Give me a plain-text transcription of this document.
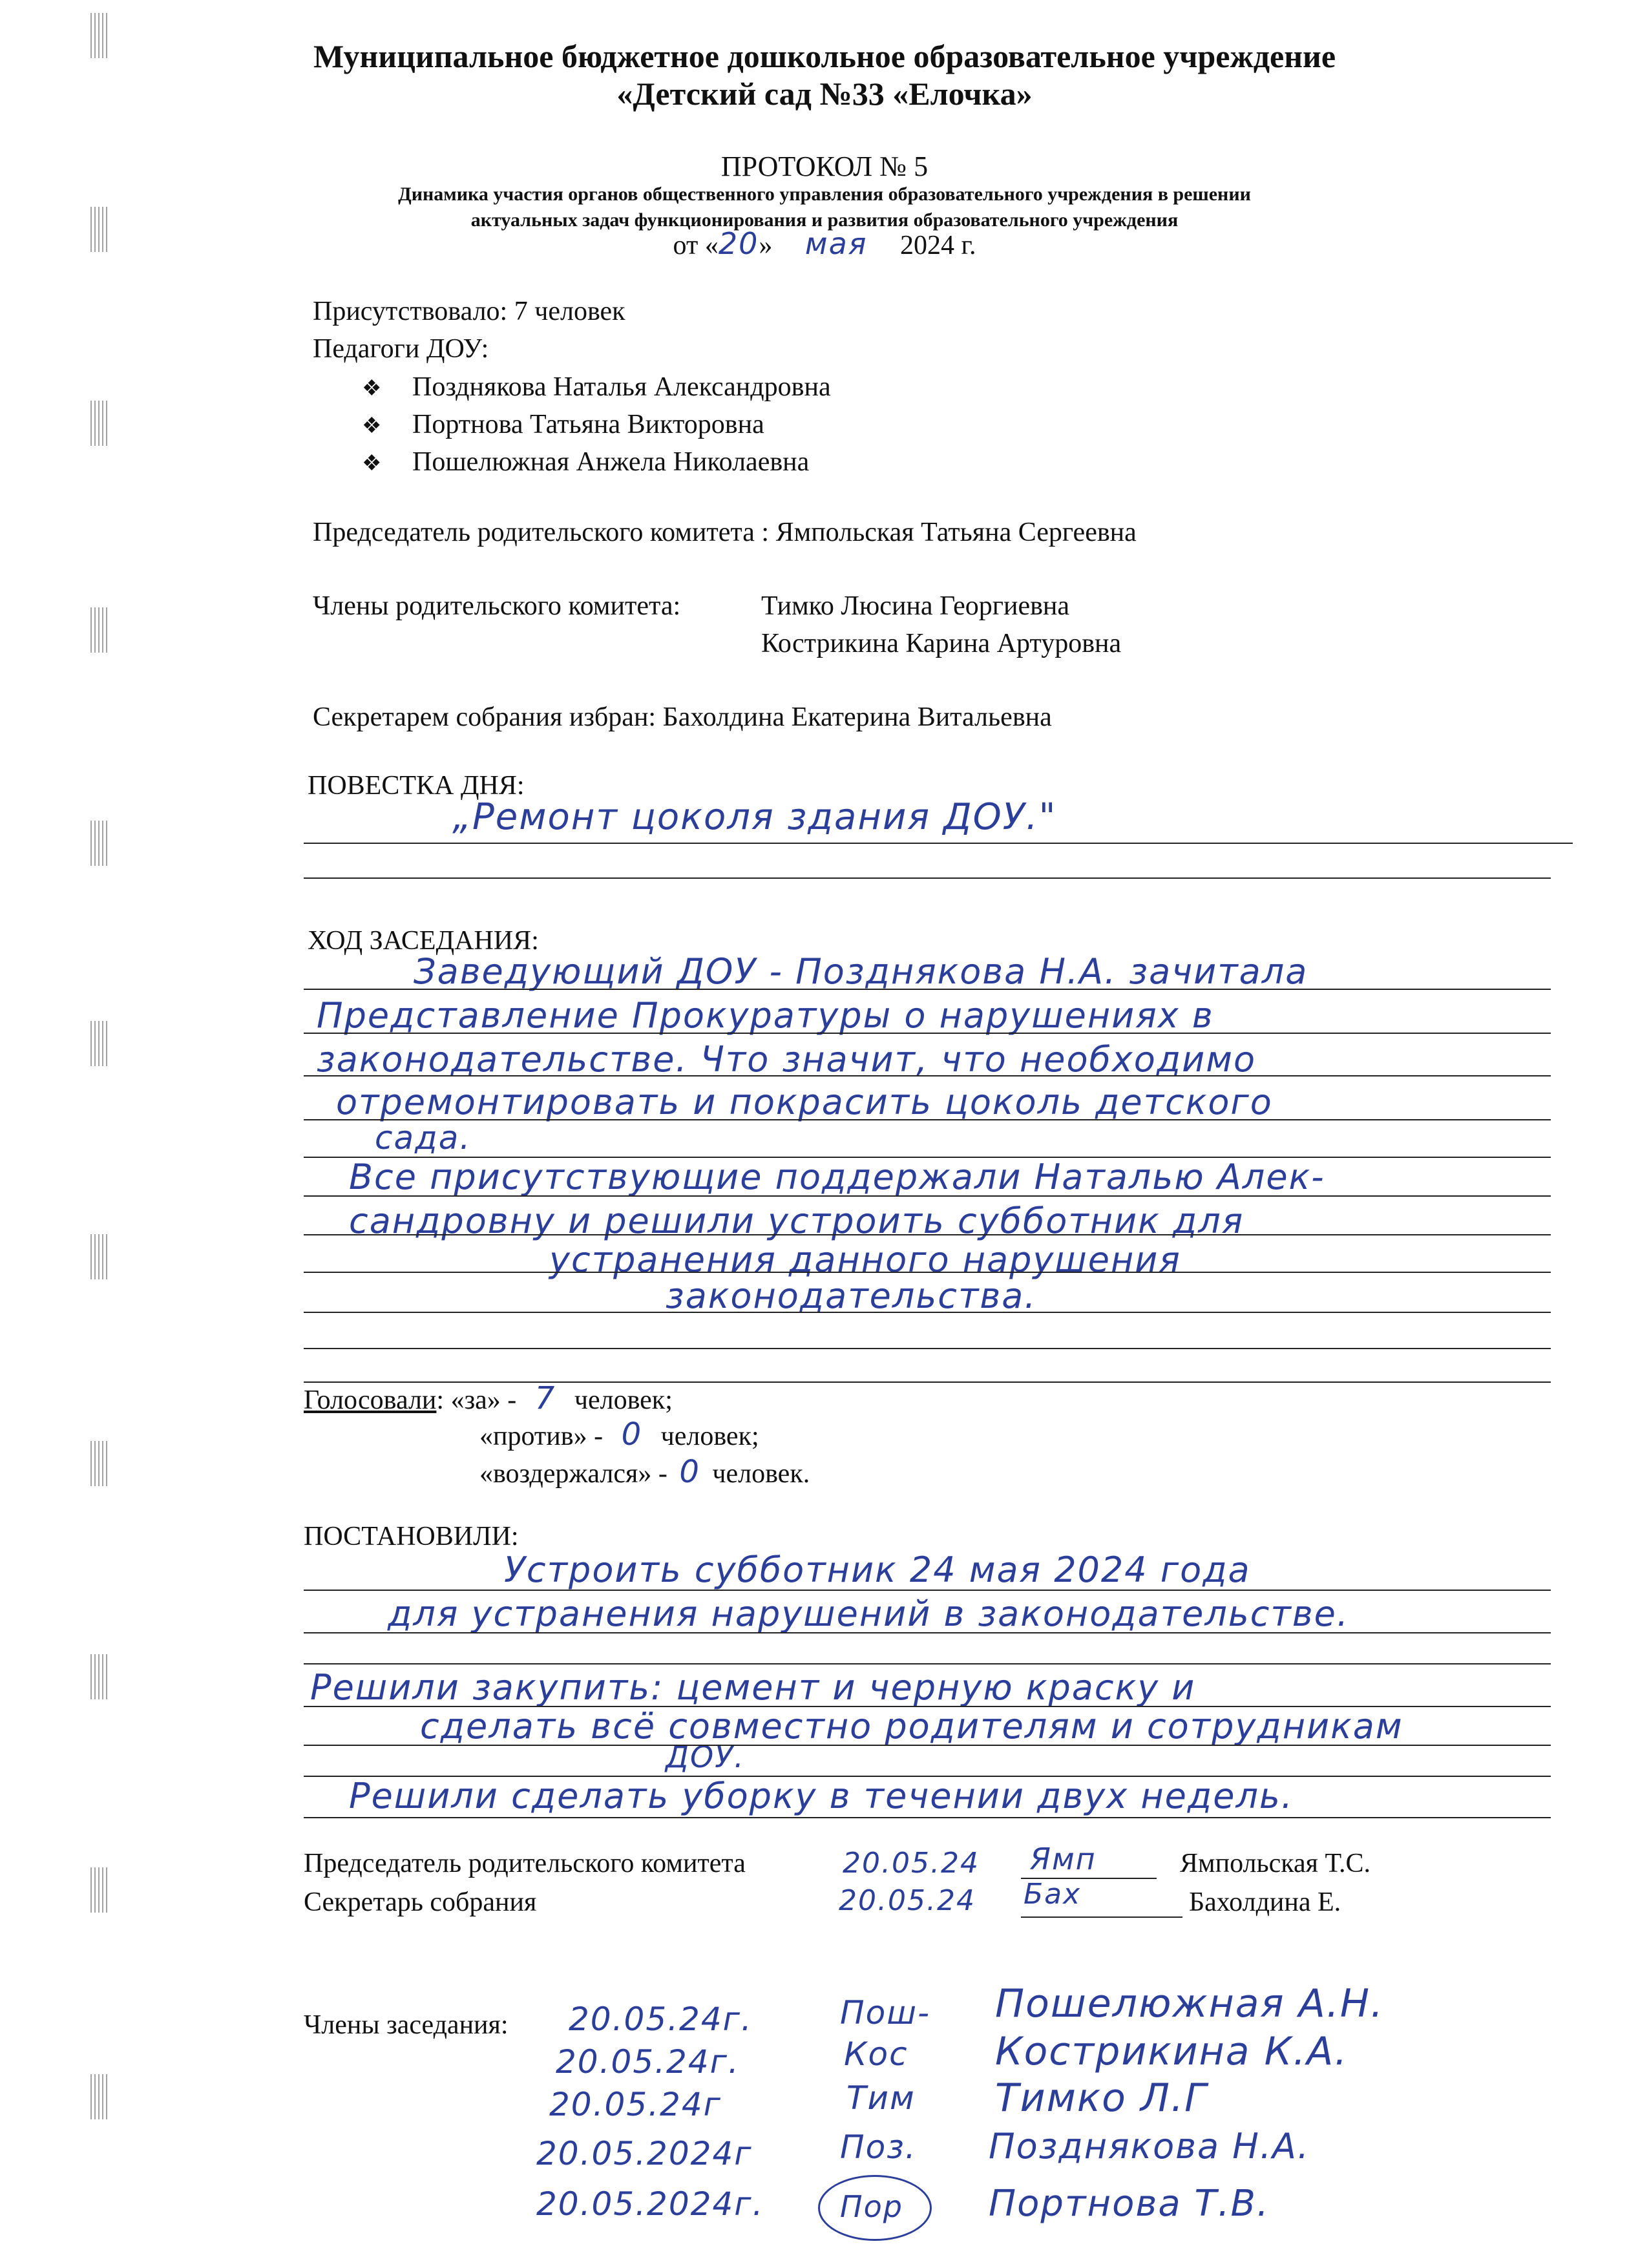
Муниципальное бюджетное дошкольное образовательное учреждение
«Детский сад №33 «Елочка»
ПРОТОКОЛ № 5
Динамика участия органов общественного управления образовательного учреждения в решении
актуальных задач функционирования и развития образовательного учреждения
от «20» мая 2024 г.
Присутствовало: 7 человек
Педагоги ДОУ:
❖ Позднякова Наталья Александровна
❖ Портнова Татьяна Викторовна
❖ Пошелюжная Анжела Николаевна
Председатель родительского комитета : Ямпольская Татьяна Сергеевна
Члены родительского комитета:	Тимко Люсина Георгиевна
Кострикина Карина Артуровна
Секретарем собрания избран: Бахолдина Екатерина Витальевна
ПОВЕСТКА ДНЯ:
„Ремонт цоколя здания ДОУ."
ХОД ЗАСЕДАНИЯ:
Заведующий ДОУ - Позднякова Н.А. зачитала
Представление Прокуратуры о нарушениях в
законодательстве. Что значит, что необходимо
отремонтировать и покрасить цоколь детского
сада.
Все присутствующие поддержали Наталью Алек-
сандровну и решили устроить субботник для
устранения данного нарушения
законодательства.
Голосовали: «за» - 7 человек;
«против» - 0 человек;
«воздержался» - 0 человек.
ПОСТАНОВИЛИ:
Устроить субботник 24 мая 2024 года
для устранения нарушений в законодательстве.
Решили закупить: цемент и черную краску и
сделать всё совместно родителям и сотрудникам
ДОУ.
Решили сделать уборку в течении двух недель.
Председатель родительского комитета	20.05.24 Ямп	Ямпольская Т.С.
Секретарь собрания	20.05.24 Бах	Бахолдина Е.
Члены заседания: 20.05.24г.	Пош- Пошелюжная А.Н.
20.05.24г.	Кос Кострикина К.А.
20.05.24г	Тим Тимко Л.Г
20.05.2024г	Поз. Позднякова Н.А.
20.05.2024г.	Пор Портнова Т.В.
